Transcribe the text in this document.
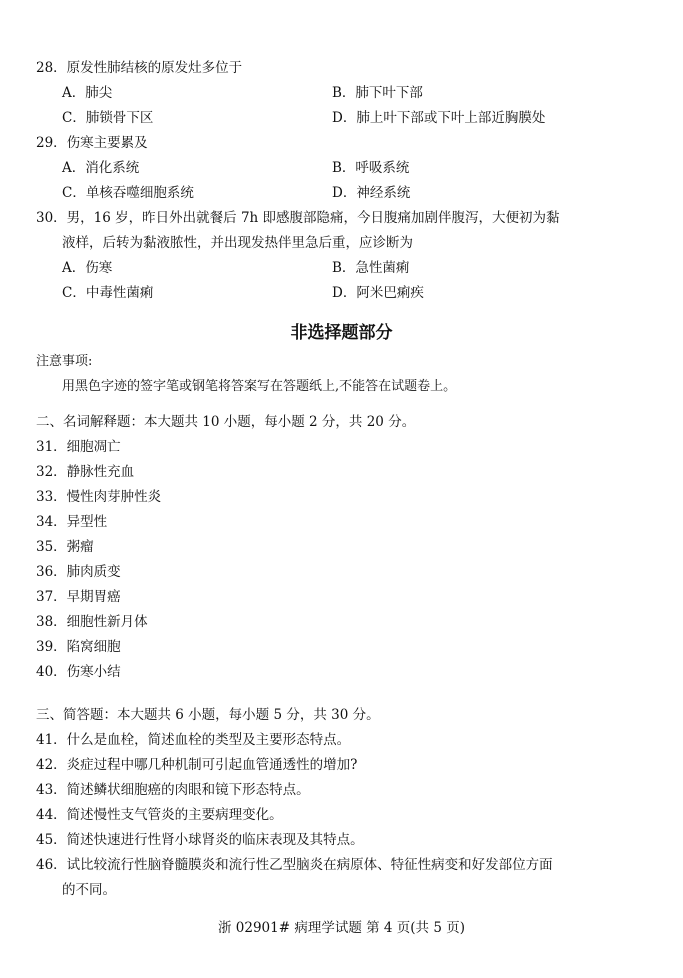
28．原发性肺结核的原发灶多位于
A．肺尖	B．肺下叶下部
C．肺锁骨下区	D．肺上叶下部或下叶上部近胸膜处
29．伤寒主要累及
A．消化系统	B．呼吸系统
C．单核吞噬细胞系统	D．神经系统
30．男，16 岁，昨日外出就餐后 7h 即感腹部隐痛，今日腹痛加剧伴腹泻，大便初为黏
液样，后转为黏液脓性，并出现发热伴里急后重，应诊断为
A．伤寒	B．急性菌痢
C．中毒性菌痢	D．阿米巴痢疾
非选择题部分
注意事项:
用黑色字迹的签字笔或钢笔将答案写在答题纸上,不能答在试题卷上。
二、名词解释题：本大题共 10 小题，每小题 2 分，共 20 分。
31．细胞凋亡
32．静脉性充血
33．慢性肉芽肿性炎
34．异型性
35．粥瘤
36．肺肉质变
37．早期胃癌
38．细胞性新月体
39．陷窝细胞
40．伤寒小结
三、简答题：本大题共 6 小题，每小题 5 分，共 30 分。
41．什么是血栓，简述血栓的类型及主要形态特点。
42．炎症过程中哪几种机制可引起血管通透性的增加?
43．简述鳞状细胞癌的肉眼和镜下形态特点。
44．简述慢性支气管炎的主要病理变化。
45．简述快速进行性肾小球肾炎的临床表现及其特点。
46．试比较流行性脑脊髓膜炎和流行性乙型脑炎在病原体、特征性病变和好发部位方面
的不同。
浙 02901# 病理学试题 第 4 页(共 5 页)
